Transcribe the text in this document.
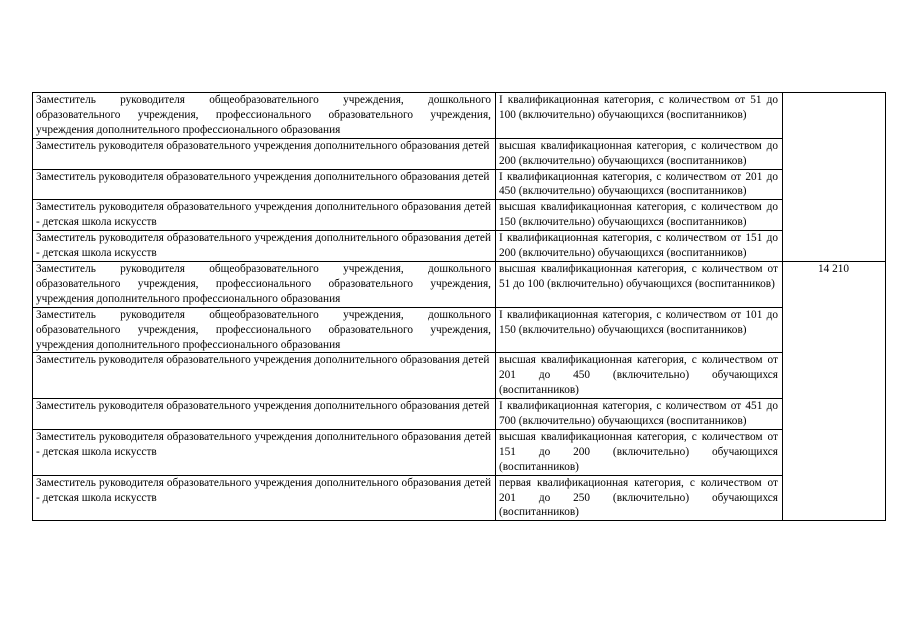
Заместитель руководителя общеобразовательного учреждения, дошкольного образовательного учреждения, профессионального образовательного учреждения, учреждения дополнительного профессионального образования	I квалификационная категория, с количеством от 51 до 100 (включительно) обучающихся (воспитанников)	
Заместитель руководителя образовательного учреждения дополнительного образования детей	высшая квалификационная категория, с количеством до 200 (включительно) обучающихся (воспитанников)	
Заместитель руководителя образовательного учреждения дополнительного образования детей	I квалификационная категория, с количеством от 201 до 450 (включительно) обучающихся (воспитанников)	
Заместитель руководителя образовательного учреждения дополнительного образования детей - детская школа искусств	высшая квалификационная категория, с количеством до 150 (включительно) обучающихся (воспитанников)	
Заместитель руководителя образовательного учреждения дополнительного образования детей - детская школа искусств	I квалификационная категория, с количеством от 151 до 200 (включительно) обучающихся (воспитанников)	
Заместитель руководителя общеобразовательного учреждения, дошкольного образовательного учреждения, профессионального образовательного учреждения, учреждения дополнительного профессионального образования	высшая квалификационная категория, с количеством от 51 до 100 (включительно) обучающихся (воспитанников)	14 210
Заместитель руководителя общеобразовательного учреждения, дошкольного образовательного учреждения, профессионального образовательного учреждения, учреждения дополнительного профессионального образования	I квалификационная категория, с количеством от 101 до 150 (включительно) обучающихся (воспитанников)	
Заместитель руководителя образовательного учреждения дополнительного образования детей	высшая квалификационная категория, с количеством от 201 до 450 (включительно) обучающихся (воспитанников)	
Заместитель руководителя образовательного учреждения дополнительного образования детей	I квалификационная категория, с количеством от 451 до 700 (включительно) обучающихся (воспитанников)	
Заместитель руководителя образовательного учреждения дополнительного образования детей - детская школа искусств	высшая квалификационная категория, с количеством от 151 до 200 (включительно) обучающихся (воспитанников)	
Заместитель руководителя образовательного учреждения дополнительного образования детей - детская школа искусств	первая квалификационная категория, с количеством от 201 до 250 (включительно) обучающихся (воспитанников)	
